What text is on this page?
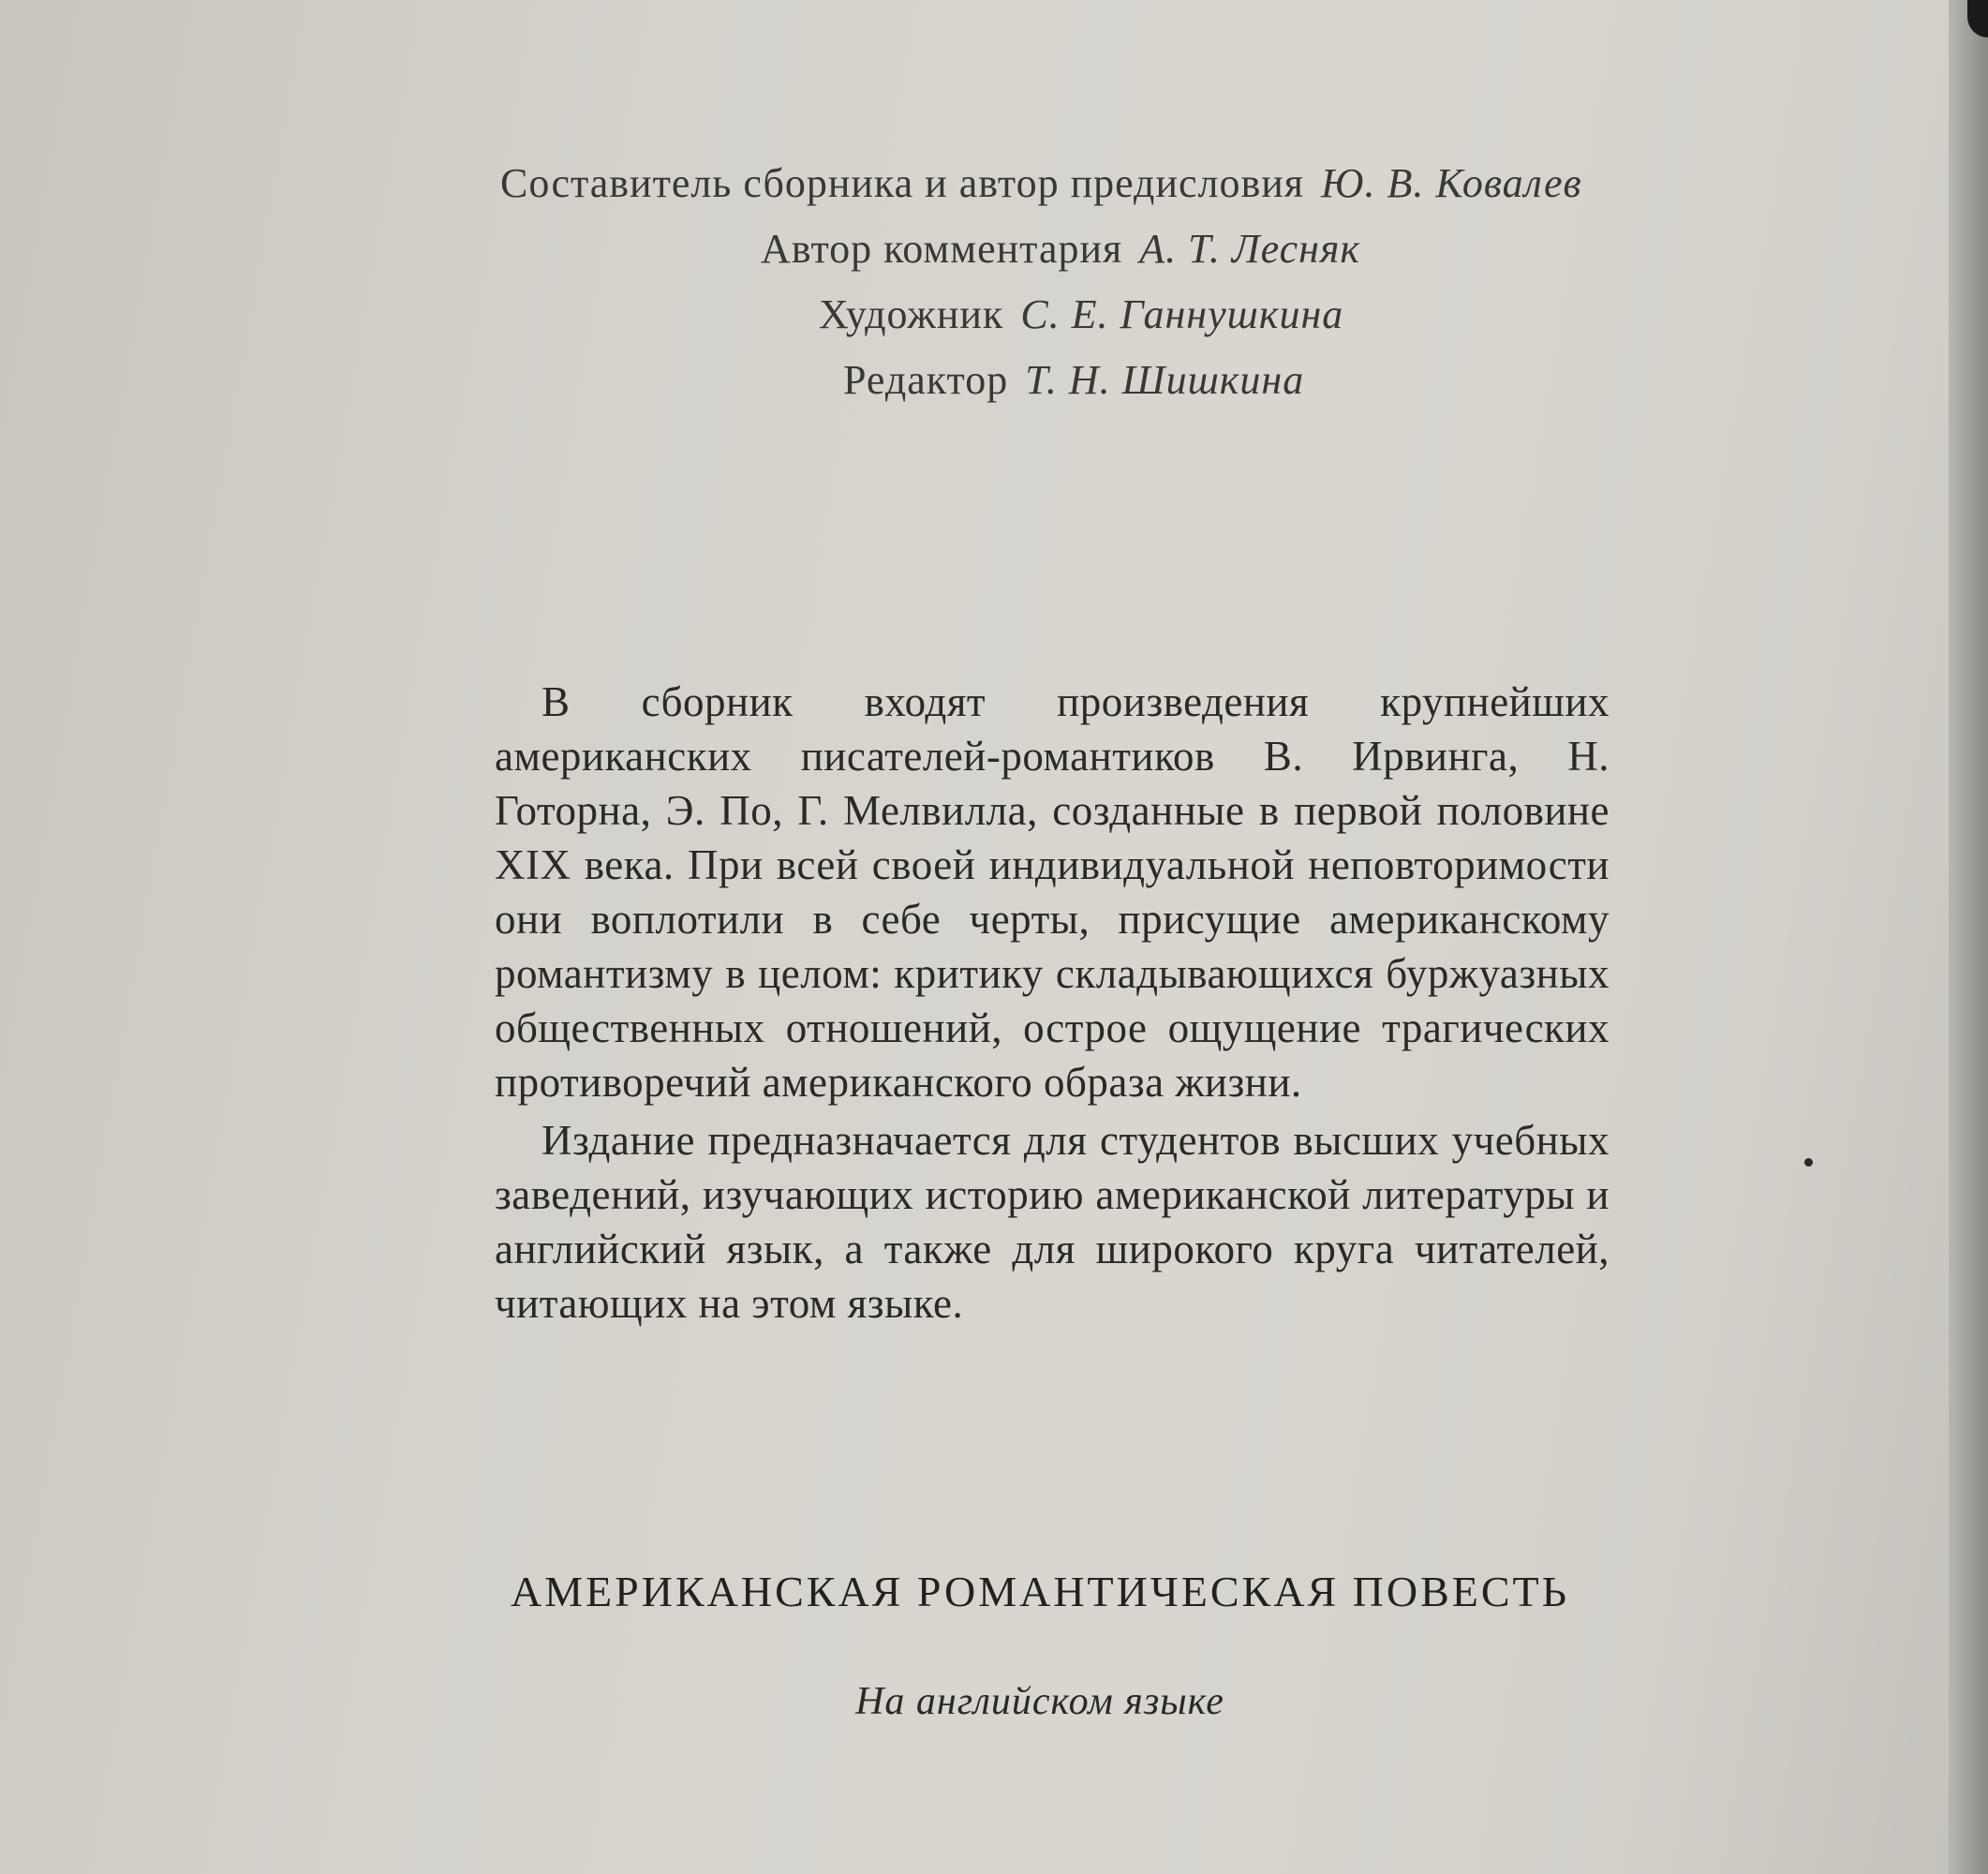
Составитель сборника и автор предисловия Ю. В. Ковалев
Автор комментария А. Т. Лесняк
Художник С. Е. Ганнушкина
Редактор Т. Н. Шишкина

В сборник входят произведения крупнейших американских писателей-романтиков В. Ирвинга, Н. Готорна, Э. По, Г. Мелвилла, созданные в первой половине XIX века. При всей своей индивидуальной неповторимости они воплотили в себе черты, присущие американскому романтизму в целом: критику складывающихся буржуазных общественных отношений, острое ощущение трагических противоречий американского образа жизни.

Издание предназначается для студентов высших учебных заведений, изучающих историю американской литературы и английский язык, а также для широкого круга читателей, читающих на этом языке.

АМЕРИКАНСКАЯ РОМАНТИЧЕСКАЯ ПОВЕСТЬ
На английском языке
